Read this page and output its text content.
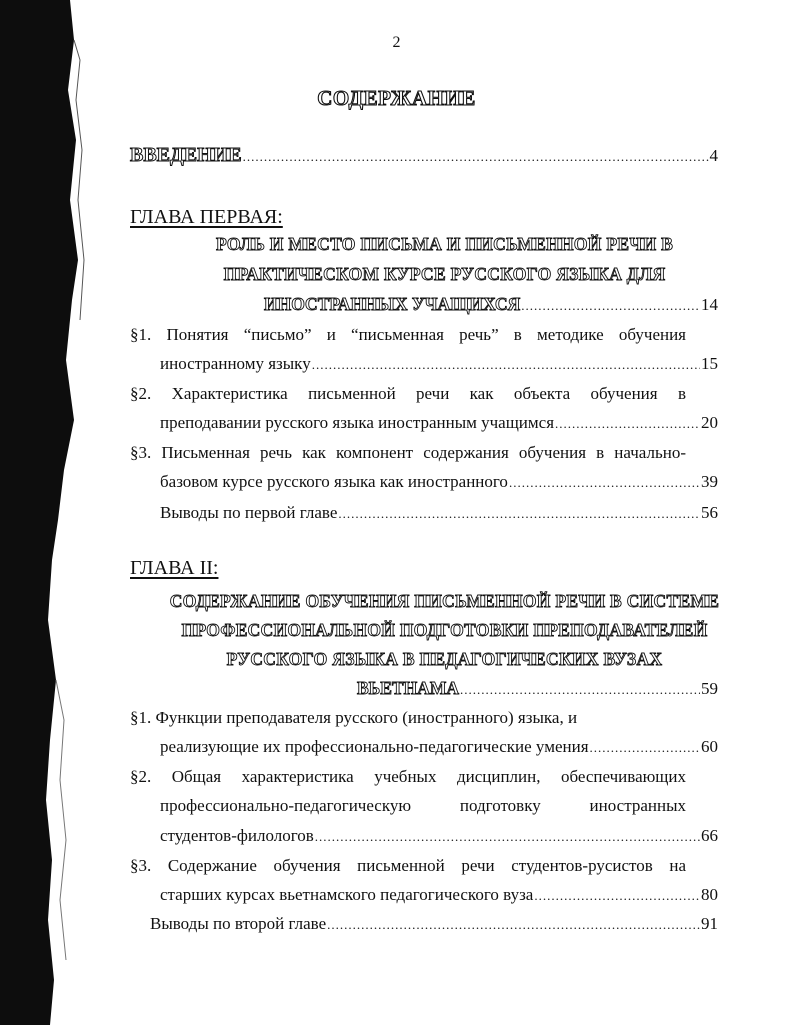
2
СОДЕРЖАНИЕ
ВВЕДЕНИЕ .....	4
ГЛАВА ПЕРВАЯ:
РОЛЬ И МЕСТО ПИСЬМА И ПИСЬМЕННОЙ РЕЧИ В
ПРАКТИЧЕСКОМ КУРСЕ РУССКОГО ЯЗЫКА ДЛЯ
ИНОСТРАННЫХ УЧАЩИХСЯ .....	14
§1. Понятия “письмо” и “письменная речь” в методике обучения
иностранному языку .....	15
§2. Характеристика письменной речи как объекта обучения в
преподавании русского языка иностранным учащимся .....	20
§3. Письменная речь как компонент содержания обучения в начально-
базовом курсе русского языка как иностранного .....	39
Выводы по первой главе .....	56
ГЛАВА II:
СОДЕРЖАНИЕ ОБУЧЕНИЯ ПИСЬМЕННОЙ РЕЧИ В СИСТЕМЕ
ПРОФЕССИОНАЛЬНОЙ ПОДГОТОВКИ ПРЕПОДАВАТЕЛЕЙ
РУССКОГО ЯЗЫКА В ПЕДАГОГИЧЕСКИХ ВУЗАХ
ВЬЕТНАМА .....	59
§1. Функции преподавателя русского (иностранного) языка, и
реализующие их профессионально-педагогические умения .....	60
§2. Общая характеристика учебных дисциплин, обеспечивающих
профессионально-педагогическую подготовку иностранных
студентов-филологов .....	66
§3. Содержание обучения письменной речи студентов-русистов на
старших курсах вьетнамского педагогического вуза .....	80
Выводы по второй главе .....	91
